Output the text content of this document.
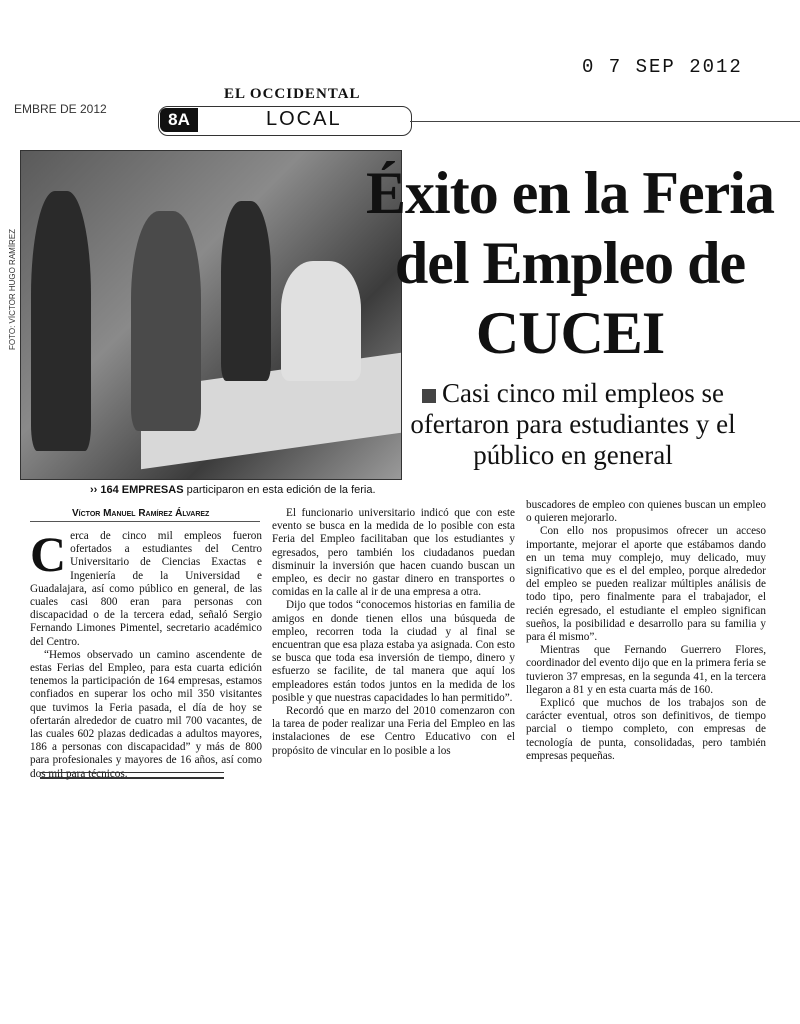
0 7 SEP 2012
EMBRE DE 2012
EL OCCIDENTAL
8A	LOCAL
FOTO: VÍCTOR HUGO RAMÍREZ
Éxito en la Feria del Empleo de CUCEI
Casi cinco mil empleos se ofertaron para estudiantes y el público en general
›› 164 EMPRESAS participaron en esta edición de la feria.
Víctor Manuel Ramírez Álvarez
C erca de cinco mil empleos fueron ofertados a estudiantes del Centro Universitario de Ciencias Exactas e Ingeniería de la Universidad e Guadalajara, así como público en general, de las cuales casi 800 eran para personas con discapacidad o de la tercera edad, señaló Sergio Fernando Limones Pimentel, secretario académico del Centro.

“Hemos observado un camino ascendente de estas Ferias del Empleo, para esta cuarta edición tenemos la participación de 164 empresas, estamos confiados en superar los ocho mil 350 visitantes que tuvimos la Feria pasada, el día de hoy se ofertarán alrededor de cuatro mil 700 vacantes, de las cuales 602 plazas dedicadas a adultos mayores, 186 a personas con discapacidad” y más de 800 para profesionales y mayores de 16 años, así como dos mil para técnicos.

El funcionario universitario indicó que con este evento se busca en la medida de lo posible con esta Feria del Empleo facilitaban que los estudiantes y egresados, pero también los ciudadanos puedan disminuir la inversión que hacen cuando buscan un empleo, es decir no gastar dinero en transportes o comidas en la calle al ir de una empresa a otra.

Dijo que todos “conocemos historias en familia de amigos en donde tienen ellos una búsqueda de empleo, recorren toda la ciudad y al final se encuentran que esa plaza estaba ya asignada. Con esto se busca que toda esa inversión de tiempo, dinero y esfuerzo se facilite, de tal manera que aquí los empleadores están todos juntos en la medida de los posible y que nuestras capacidades lo han permitido”.

Recordó que en marzo del 2010 comenzaron con la tarea de poder realizar una Feria del Empleo en las instalaciones de ese Centro Educativo con el propósito de vincular en lo posible a los

buscadores de empleo con quienes buscan un empleo o quieren mejorarlo.

Con ello nos propusimos ofrecer un acceso importante, mejorar el aporte que estábamos dando en un tema muy complejo, muy delicado, muy significativo que es el del empleo, porque alrededor del empleo se pueden realizar múltiples análisis de todo tipo, pero finalmente para el trabajador, el recién egresado, el estudiante el empleo significan sueños, la posibilidad e desarrollo para su familia y para él mismo”.

Mientras que Fernando Guerrero Flores, coordinador del evento dijo que en la primera feria se tuvieron 37 empresas, en la segunda 41, en la tercera llegaron a 81 y en esta cuarta más de 160.

Explicó que muchos de los trabajos son de carácter eventual, otros son definitivos, de tiempo parcial o tiempo completo, con empresas de tecnología de punta, consolidadas, pero también empresas pequeñas.
